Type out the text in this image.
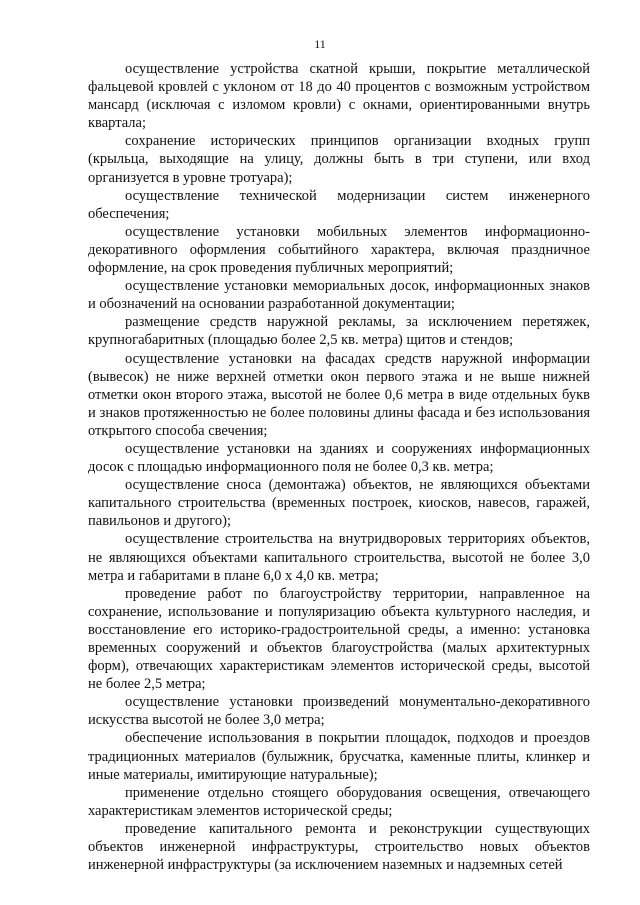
11

осуществление устройства скатной крыши, покрытие металлической фальцевой кровлей с уклоном от 18 до 40 процентов с возможным устройством мансард (исключая с изломом кровли) с окнами, ориентированными внутрь квартала;

сохранение исторических принципов организации входных групп (крыльца, выходящие на улицу, должны быть в три ступени, или вход организуется в уровне тротуара);

осуществление технической модернизации систем инженерного обеспечения;

осуществление установки мобильных элементов информационно-декоративного оформления событийного характера, включая праздничное оформление, на срок проведения публичных мероприятий;

осуществление установки мемориальных досок, информационных знаков и обозначений на основании разработанной документации;

размещение средств наружной рекламы, за исключением перетяжек, крупногабаритных (площадью более 2,5 кв. метра) щитов и стендов;

осуществление установки на фасадах средств наружной информации (вывесок) не ниже верхней отметки окон первого этажа и не выше нижней отметки окон второго этажа, высотой не более 0,6 метра в виде отдельных букв и знаков протяженностью не более половины длины фасада и без использования открытого способа свечения;

осуществление установки на зданиях и сооружениях информационных досок с площадью информационного поля не более 0,3 кв. метра;

осуществление сноса (демонтажа) объектов, не являющихся объектами капитального строительства (временных построек, киосков, навесов, гаражей, павильонов и другого);

осуществление строительства на внутридворовых территориях объектов, не являющихся объектами капитального строительства, высотой не более 3,0 метра и габаритами в плане 6,0 х 4,0 кв. метра;

проведение работ по благоустройству территории, направленное на сохранение, использование и популяризацию объекта культурного наследия, и восстановление его историко-градостроительной среды, а именно: установка временных сооружений и объектов благоустройства (малых архитектурных форм), отвечающих характеристикам элементов исторической среды, высотой не более 2,5 метра;

осуществление установки произведений монументально-декоративного искусства высотой не более 3,0 метра;

обеспечение использования в покрытии площадок, подходов и проездов традиционных материалов (булыжник, брусчатка, каменные плиты, клинкер и иные материалы, имитирующие натуральные);

применение отдельно стоящего оборудования освещения, отвечающего характеристикам элементов исторической среды;

проведение капитального ремонта и реконструкции существующих объектов инженерной инфраструктуры, строительство новых объектов инженерной инфраструктуры (за исключением наземных и надземных сетей
